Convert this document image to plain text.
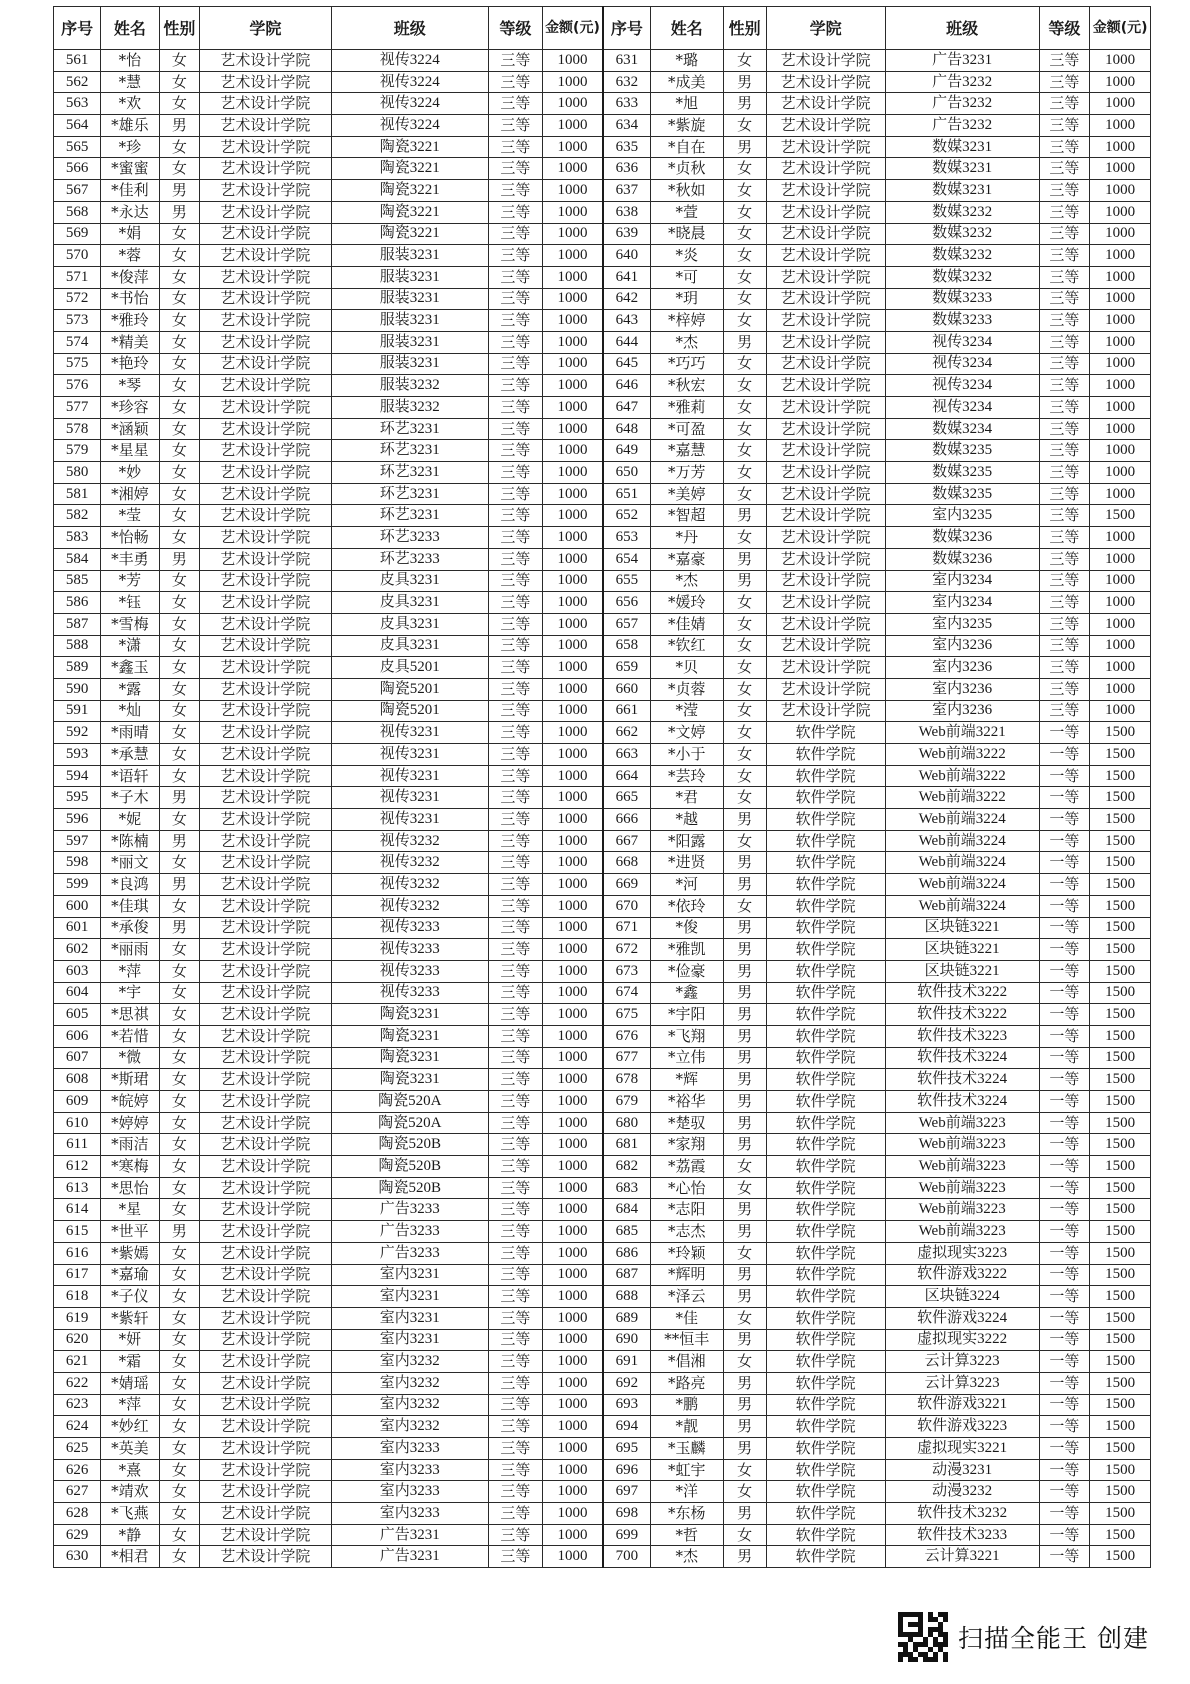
序号	姓名	性别	学院	班级	等级	金额(元)	序号	姓名	性别	学院	班级	等级	金额(元)
561	*怡	女	艺术设计学院	视传3224	三等	1000	631	*璐	女	艺术设计学院	广告3231	三等	1000
562	*慧	女	艺术设计学院	视传3224	三等	1000	632	*成美	男	艺术设计学院	广告3232	三等	1000
563	*欢	女	艺术设计学院	视传3224	三等	1000	633	*旭	男	艺术设计学院	广告3232	三等	1000
564	*雄乐	男	艺术设计学院	视传3224	三等	1000	634	*紫旋	女	艺术设计学院	广告3232	三等	1000
565	*珍	女	艺术设计学院	陶瓷3221	三等	1000	635	*自在	男	艺术设计学院	数媒3231	三等	1000
566	*蜜蜜	女	艺术设计学院	陶瓷3221	三等	1000	636	*贞秋	女	艺术设计学院	数媒3231	三等	1000
567	*佳利	男	艺术设计学院	陶瓷3221	三等	1000	637	*秋如	女	艺术设计学院	数媒3231	三等	1000
568	*永达	男	艺术设计学院	陶瓷3221	三等	1000	638	*萱	女	艺术设计学院	数媒3232	三等	1000
569	*娟	女	艺术设计学院	陶瓷3221	三等	1000	639	*晓晨	女	艺术设计学院	数媒3232	三等	1000
570	*蓉	女	艺术设计学院	服装3231	三等	1000	640	*炎	女	艺术设计学院	数媒3232	三等	1000
571	*俊萍	女	艺术设计学院	服装3231	三等	1000	641	*可	女	艺术设计学院	数媒3232	三等	1000
572	*书怡	女	艺术设计学院	服装3231	三等	1000	642	*玥	女	艺术设计学院	数媒3233	三等	1000
573	*雅玲	女	艺术设计学院	服装3231	三等	1000	643	*梓婷	女	艺术设计学院	数媒3233	三等	1000
574	*精美	女	艺术设计学院	服装3231	三等	1000	644	*杰	男	艺术设计学院	视传3234	三等	1000
575	*艳玲	女	艺术设计学院	服装3231	三等	1000	645	*巧巧	女	艺术设计学院	视传3234	三等	1000
576	*琴	女	艺术设计学院	服装3232	三等	1000	646	*秋宏	女	艺术设计学院	视传3234	三等	1000
577	*珍容	女	艺术设计学院	服装3232	三等	1000	647	*雅莉	女	艺术设计学院	视传3234	三等	1000
578	*涵颖	女	艺术设计学院	环艺3231	三等	1000	648	*可盈	女	艺术设计学院	数媒3234	三等	1000
579	*星星	女	艺术设计学院	环艺3231	三等	1000	649	*嘉慧	女	艺术设计学院	数媒3235	三等	1000
580	*妙	女	艺术设计学院	环艺3231	三等	1000	650	*万芳	女	艺术设计学院	数媒3235	三等	1000
581	*湘婷	女	艺术设计学院	环艺3231	三等	1000	651	*美婷	女	艺术设计学院	数媒3235	三等	1000
582	*莹	女	艺术设计学院	环艺3231	三等	1000	652	*智超	男	艺术设计学院	室内3235	三等	1500
583	*怡畅	女	艺术设计学院	环艺3233	三等	1000	653	*丹	女	艺术设计学院	数媒3236	三等	1000
584	*丰勇	男	艺术设计学院	环艺3233	三等	1000	654	*嘉豪	男	艺术设计学院	数媒3236	三等	1000
585	*芳	女	艺术设计学院	皮具3231	三等	1000	655	*杰	男	艺术设计学院	室内3234	三等	1000
586	*钰	女	艺术设计学院	皮具3231	三等	1000	656	*媛玲	女	艺术设计学院	室内3234	三等	1000
587	*雪梅	女	艺术设计学院	皮具3231	三等	1000	657	*佳婧	女	艺术设计学院	室内3235	三等	1000
588	*潇	女	艺术设计学院	皮具3231	三等	1000	658	*钦红	女	艺术设计学院	室内3236	三等	1000
589	*鑫玉	女	艺术设计学院	皮具5201	三等	1000	659	*贝	女	艺术设计学院	室内3236	三等	1000
590	*露	女	艺术设计学院	陶瓷5201	三等	1000	660	*贞蓉	女	艺术设计学院	室内3236	三等	1000
591	*灿	女	艺术设计学院	陶瓷5201	三等	1000	661	*滢	女	艺术设计学院	室内3236	三等	1000
592	*雨晴	女	艺术设计学院	视传3231	三等	1000	662	*文婷	女	软件学院	Web前端3221	一等	1500
593	*承慧	女	艺术设计学院	视传3231	三等	1000	663	*小于	女	软件学院	Web前端3222	一等	1500
594	*语轩	女	艺术设计学院	视传3231	三等	1000	664	*芸玲	女	软件学院	Web前端3222	一等	1500
595	*子木	男	艺术设计学院	视传3231	三等	1000	665	*君	女	软件学院	Web前端3222	一等	1500
596	*妮	女	艺术设计学院	视传3231	三等	1000	666	*越	男	软件学院	Web前端3224	一等	1500
597	*陈楠	男	艺术设计学院	视传3232	三等	1000	667	*阳露	女	软件学院	Web前端3224	一等	1500
598	*丽文	女	艺术设计学院	视传3232	三等	1000	668	*进贤	男	软件学院	Web前端3224	一等	1500
599	*良鸿	男	艺术设计学院	视传3232	三等	1000	669	*河	男	软件学院	Web前端3224	一等	1500
600	*佳琪	女	艺术设计学院	视传3232	三等	1000	670	*依玲	女	软件学院	Web前端3224	一等	1500
601	*承俊	男	艺术设计学院	视传3233	三等	1000	671	*俊	男	软件学院	区块链3221	一等	1500
602	*丽雨	女	艺术设计学院	视传3233	三等	1000	672	*雅凯	男	软件学院	区块链3221	一等	1500
603	*萍	女	艺术设计学院	视传3233	三等	1000	673	*俭豪	男	软件学院	区块链3221	一等	1500
604	*宇	女	艺术设计学院	视传3233	三等	1000	674	*鑫	男	软件学院	软件技术3222	一等	1500
605	*思祺	女	艺术设计学院	陶瓷3231	三等	1000	675	*宇阳	男	软件学院	软件技术3222	一等	1500
606	*若惜	女	艺术设计学院	陶瓷3231	三等	1000	676	*飞翔	男	软件学院	软件技术3223	一等	1500
607	*微	女	艺术设计学院	陶瓷3231	三等	1000	677	*立伟	男	软件学院	软件技术3224	一等	1500
608	*斯珺	女	艺术设计学院	陶瓷3231	三等	1000	678	*辉	男	软件学院	软件技术3224	一等	1500
609	*皖婷	女	艺术设计学院	陶瓷520A	三等	1000	679	*裕华	男	软件学院	软件技术3224	一等	1500
610	*婷婷	女	艺术设计学院	陶瓷520A	三等	1000	680	*楚驭	男	软件学院	Web前端3223	一等	1500
611	*雨洁	女	艺术设计学院	陶瓷520B	三等	1000	681	*家翔	男	软件学院	Web前端3223	一等	1500
612	*寒梅	女	艺术设计学院	陶瓷520B	三等	1000	682	*荔霞	女	软件学院	Web前端3223	一等	1500
613	*思怡	女	艺术设计学院	陶瓷520B	三等	1000	683	*心怡	女	软件学院	Web前端3223	一等	1500
614	*星	女	艺术设计学院	广告3233	三等	1000	684	*志阳	男	软件学院	Web前端3223	一等	1500
615	*世平	男	艺术设计学院	广告3233	三等	1000	685	*志杰	男	软件学院	Web前端3223	一等	1500
616	*紫嫣	女	艺术设计学院	广告3233	三等	1000	686	*玲颖	女	软件学院	虚拟现实3223	一等	1500
617	*嘉瑜	女	艺术设计学院	室内3231	三等	1000	687	*辉明	男	软件学院	软件游戏3222	一等	1500
618	*子仪	女	艺术设计学院	室内3231	三等	1000	688	*泽云	男	软件学院	区块链3224	一等	1500
619	*紫轩	女	艺术设计学院	室内3231	三等	1000	689	*佳	女	软件学院	软件游戏3224	一等	1500
620	*妍	女	艺术设计学院	室内3231	三等	1000	690	**恒丰	男	软件学院	虚拟现实3222	一等	1500
621	*霜	女	艺术设计学院	室内3232	三等	1000	691	*倡湘	女	软件学院	云计算3223	一等	1500
622	*婧瑶	女	艺术设计学院	室内3232	三等	1000	692	*路亮	男	软件学院	云计算3223	一等	1500
623	*萍	女	艺术设计学院	室内3232	三等	1000	693	*鹏	男	软件学院	软件游戏3221	一等	1500
624	*妙红	女	艺术设计学院	室内3232	三等	1000	694	*靓	男	软件学院	软件游戏3223	一等	1500
625	*英美	女	艺术设计学院	室内3233	三等	1000	695	*玉麟	男	软件学院	虚拟现实3221	一等	1500
626	*熹	女	艺术设计学院	室内3233	三等	1000	696	*虹宇	女	软件学院	动漫3231	一等	1500
627	*靖欢	女	艺术设计学院	室内3233	三等	1000	697	*洋	女	软件学院	动漫3232	一等	1500
628	*飞燕	女	艺术设计学院	室内3233	三等	1000	698	*东杨	男	软件学院	软件技术3232	一等	1500
629	*静	女	艺术设计学院	广告3231	三等	1000	699	*哲	女	软件学院	软件技术3233	一等	1500
630	*相君	女	艺术设计学院	广告3231	三等	1000	700	*杰	男	软件学院	云计算3221	一等	1500
扫描全能王 创建
